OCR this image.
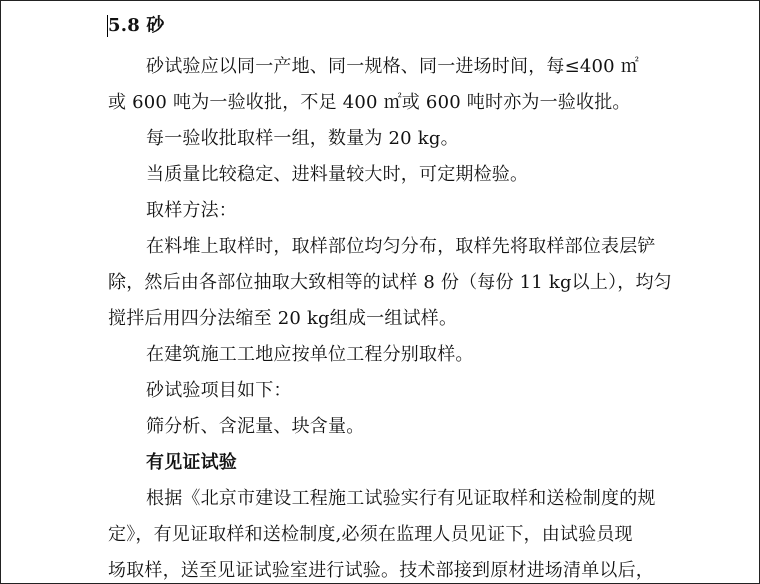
5.8 砂
砂试验应以同一产地、同一规格、同一进场时间，每≤400 ㎡
或 600 吨为一验收批，不足 400 ㎡或 600 吨时亦为一验收批。
每一验收批取样一组，数量为 20 kg。
当质量比较稳定、进料量较大时，可定期检验。
取样方法：
在料堆上取样时，取样部位均匀分布，取样先将取样部位表层铲
除，然后由各部位抽取大致相等的试样 8 份（每份 11 kg以上），均匀
搅拌后用四分法缩至 20 kg组成一组试样。
在建筑施工工地应按单位工程分别取样。
砂试验项目如下：
筛分析、含泥量、块含量。
有见证试验
根据《北京市建设工程施工试验实行有见证取样和送检制度的规
定》，有见证取样和送检制度,必须在监理人员见证下，由试验员现
场取样，送至见证试验室进行试验。技术部接到原材进场清单以后，
